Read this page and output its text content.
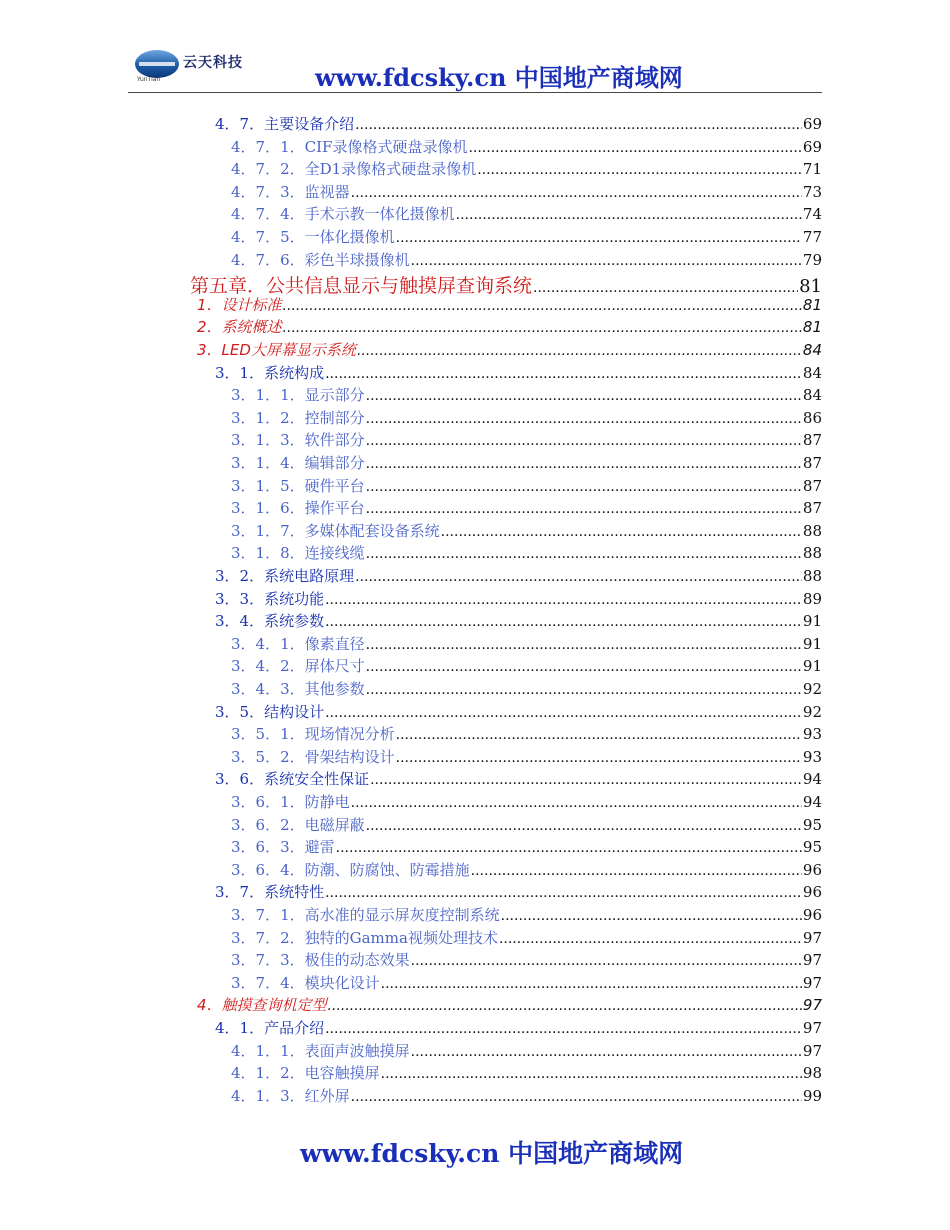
YunTian
云天科技	www.fdcsky.cn 中国地产商域网
4．7．主要设备介绍 .....	69
4．7．1．CIF录像格式硬盘录像机 .....	69
4．7．2．全D1录像格式硬盘录像机 .....	71
4．7．3．监视器 .....	73
4．7．4．手术示教一体化摄像机 .....	74
4．7．5．一体化摄像机 .....	77
4．7．6．彩色半球摄像机 .....	79
第五章．公共信息显示与触摸屏查询系统 .....	81
1．设计标准 .....	81
2．系统概述 .....	81
3．LED大屏幕显示系统 .....	84
3．1．系统构成 .....	84
3．1．1．显示部分 .....	84
3．1．2．控制部分 .....	86
3．1．3．软件部分 .....	87
3．1．4．编辑部分 .....	87
3．1．5．硬件平台 .....	87
3．1．6．操作平台 .....	87
3．1．7．多媒体配套设备系统 .....	88
3．1．8．连接线缆 .....	88
3．2．系统电路原理 .....	88
3．3．系统功能 .....	89
3．4．系统参数 .....	91
3．4．1．像素直径 .....	91
3．4．2．屏体尺寸 .....	91
3．4．3．其他参数 .....	92
3．5．结构设计 .....	92
3．5．1．现场情况分析 .....	93
3．5．2．骨架结构设计 .....	93
3．6．系统安全性保证 .....	94
3．6．1．防静电 .....	94
3．6．2．电磁屏蔽 .....	95
3．6．3．避雷 .....	95
3．6．4．防潮、防腐蚀、防霉措施 .....	96
3．7．系统特性 .....	96
3．7．1．高水准的显示屏灰度控制系统 .....	96
3．7．2．独特的Gamma视频处理技术 .....	97
3．7．3．极佳的动态效果 .....	97
3．7．4．模块化设计 .....	97
4．触摸查询机定型 .....	97
4．1．产品介绍 .....	97
4．1．1．表面声波触摸屏 .....	97
4．1．2．电容触摸屏 .....	98
4．1．3．红外屏 .....	99
www.fdcsky.cn 中国地产商域网
